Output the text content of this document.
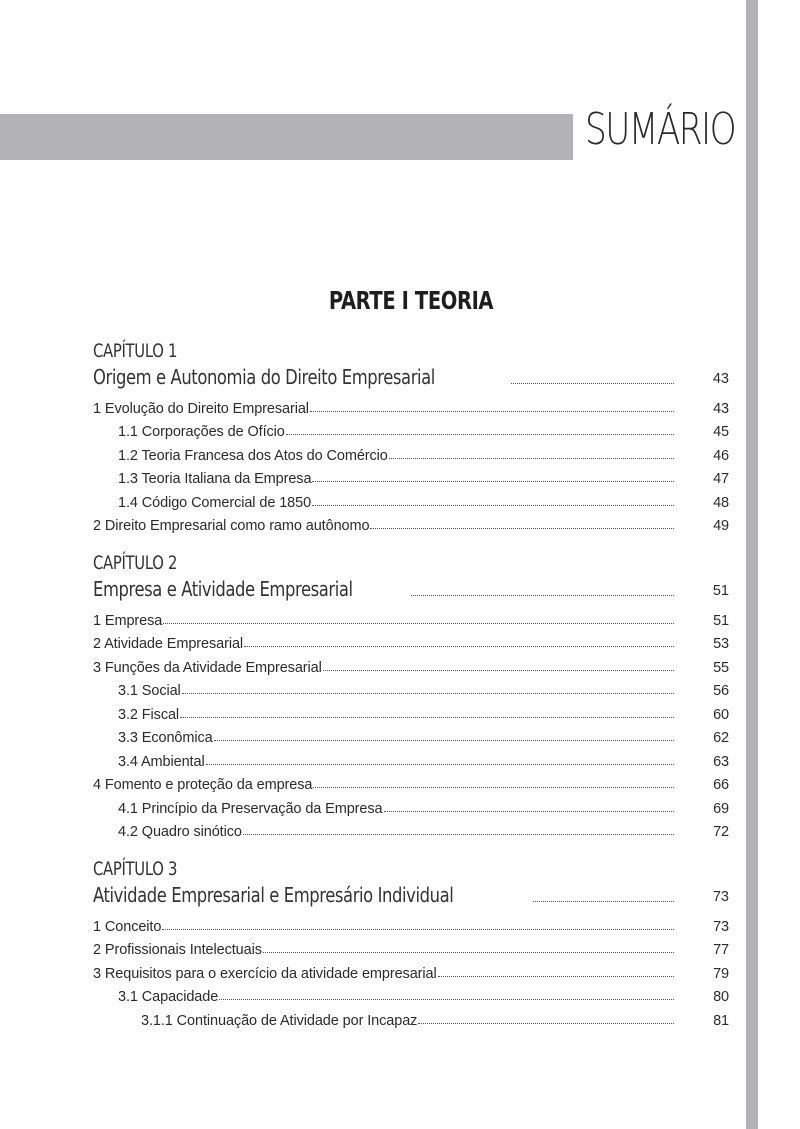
SUMÁRIO
PARTE I TEORIA
CAPÍTULO 1
Origem e Autonomia do Direito Empresarial	43
1 Evolução do Direito Empresarial	43
1.1 Corporações de Ofício	45
1.2 Teoria Francesa dos Atos do Comércio	46
1.3 Teoria Italiana da Empresa	47
1.4 Código Comercial de 1850	48
2 Direito Empresarial como ramo autônomo	49
CAPÍTULO 2
Empresa e Atividade Empresarial	51
1 Empresa	51
2 Atividade Empresarial	53
3 Funções da Atividade Empresarial	55
3.1 Social	56
3.2 Fiscal	60
3.3 Econômica	62
3.4 Ambiental	63
4 Fomento e proteção da empresa	66
4.1 Princípio da Preservação da Empresa	69
4.2 Quadro sinótico	72
CAPÍTULO 3
Atividade Empresarial e Empresário Individual	73
1 Conceito	73
2 Profissionais Intelectuais	77
3 Requisitos para o exercício da atividade empresarial	79
3.1 Capacidade	80
3.1.1 Continuação de Atividade por Incapaz	81
